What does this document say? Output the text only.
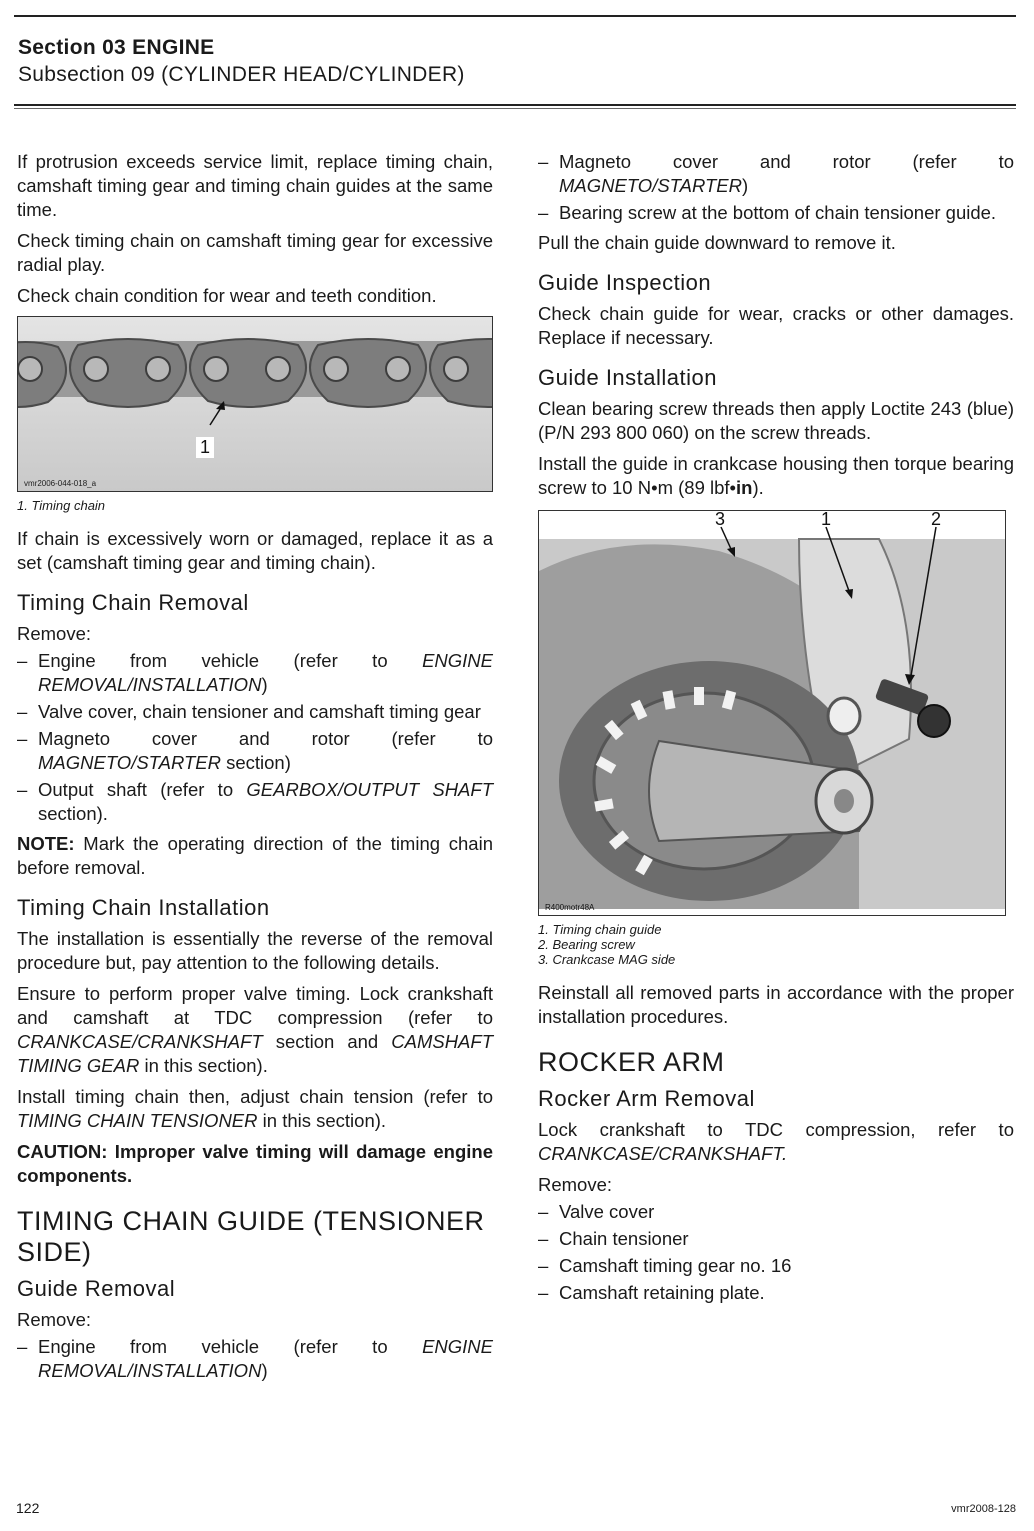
Section 03 ENGINE
Subsection 09 (CYLINDER HEAD/CYLINDER)

If protrusion exceeds service limit, replace timing chain, camshaft timing gear and timing chain guides at the same time.

Check timing chain on camshaft timing gear for excessive radial play.

Check chain condition for wear and teeth condition.

1
vmr2006-044-018_a
1. Timing chain

If chain is excessively worn or damaged, replace it as a set (camshaft timing gear and timing chain).

Timing Chain Removal

Remove:

– Engine from vehicle (refer to ENGINE REMOVAL/INSTALLATION)
– Valve cover, chain tensioner and camshaft timing gear
– Magneto cover and rotor (refer to MAGNETO/STARTER section)
– Output shaft (refer to GEARBOX/OUTPUT SHAFT section).

NOTE: Mark the operating direction of the timing chain before removal.

Timing Chain Installation

The installation is essentially the reverse of the removal procedure but, pay attention to the following details.

Ensure to perform proper valve timing. Lock crankshaft and camshaft at TDC compression (refer to CRANKCASE/CRANKSHAFT section and CAMSHAFT TIMING GEAR in this section).

Install timing chain then, adjust chain tension (refer to TIMING CHAIN TENSIONER in this section).

CAUTION: Improper valve timing will damage engine components.

TIMING CHAIN GUIDE (TENSIONER SIDE)
Guide Removal

Remove:

– Engine from vehicle (refer to ENGINE REMOVAL/INSTALLATION)
– Magneto cover and rotor (refer to MAGNETO/STARTER)
– Bearing screw at the bottom of chain tensioner guide.

Pull the chain guide downward to remove it.

Guide Inspection

Check chain guide for wear, cracks or other damages. Replace if necessary.

Guide Installation

Clean bearing screw threads then apply Loctite 243 (blue) (P/N 293 800 060) on the screw threads.

Install the guide in crankcase housing then torque bearing screw to 10 N•m (89 lbf•in).

3	1	2
R400motr48A
1. Timing chain guide
2. Bearing screw
3. Crankcase MAG side

Reinstall all removed parts in accordance with the proper installation procedures.

ROCKER ARM
Rocker Arm Removal

Lock crankshaft to TDC compression, refer to CRANKCASE/CRANKSHAFT.

Remove:

– Valve cover
– Chain tensioner
– Camshaft timing gear no. 16
– Camshaft retaining plate.
122	vmr2008-128
